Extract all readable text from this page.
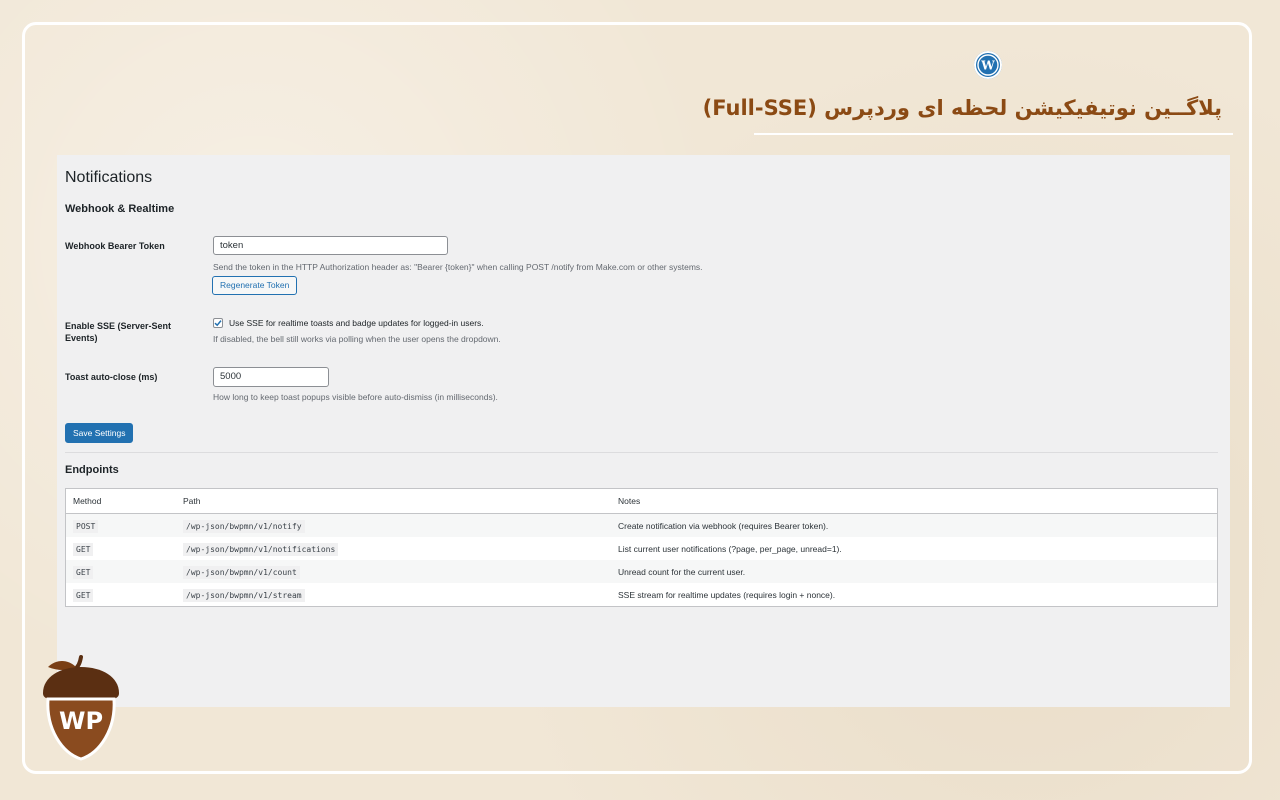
W
پلاگــین نوتیفیکیشن لحظه ای وردپرس (Full-SSE)
Notifications
Webhook & Realtime
Webhook Bearer Token	token
Send the token in the HTTP Authorization header as: "Bearer {token}" when calling POST /notify from Make.com or other systems.
Regenerate Token
Enable SSE (Server-Sent Events)
Use SSE for realtime toasts and badge updates for logged-in users.
If disabled, the bell still works via polling when the user opens the dropdown.
Toast auto-close (ms)	5000
How long to keep toast popups visible before auto-dismiss (in milliseconds).
Save Settings
Endpoints
Method	Path	Notes
POST	/wp-json/bwpmn/v1/notify	Create notification via webhook (requires Bearer token).
GET	/wp-json/bwpmn/v1/notifications	List current user notifications (?page, per_page, unread=1).
GET	/wp-json/bwpmn/v1/count	Unread count for the current user.
GET	/wp-json/bwpmn/v1/stream	SSE stream for realtime updates (requires login + nonce).
WP
